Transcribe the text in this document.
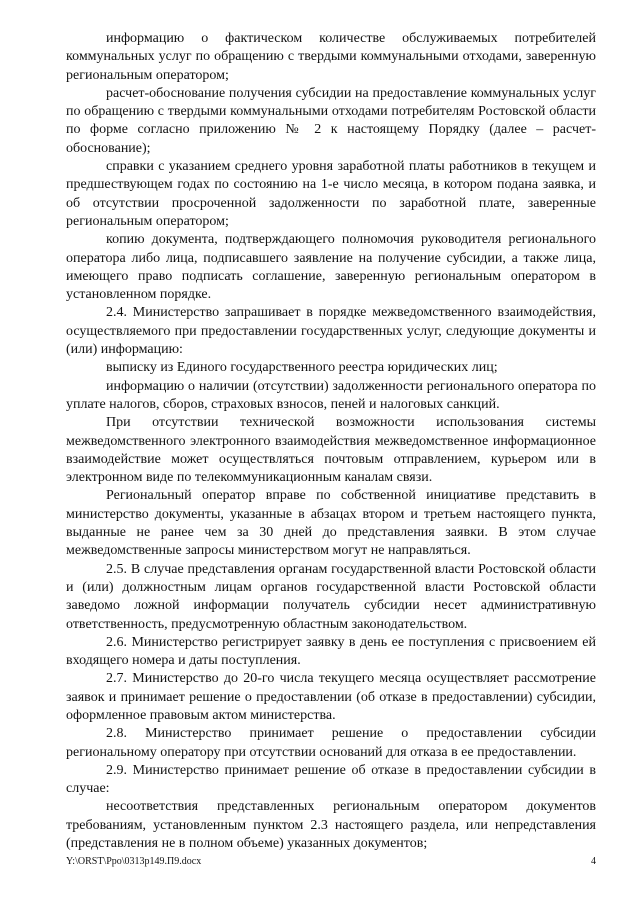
информацию о фактическом количестве обслуживаемых потребителей коммунальных услуг по обращению с твердыми коммунальными отходами, заверенную региональным оператором;

расчет-обоснование получения субсидии на предоставление коммунальных услуг по обращению с твердыми коммунальными отходами потребителям Ростовской области по форме согласно приложению № 2 к настоящему Порядку (далее – расчет-обоснование);

справки с указанием среднего уровня заработной платы работников в текущем и предшествующем годах по состоянию на 1-е число месяца, в котором подана заявка, и об отсутствии просроченной задолженности по заработной плате, заверенные региональным оператором;

копию документа, подтверждающего полномочия руководителя регионального оператора либо лица, подписавшего заявление на получение субсидии, а также лица, имеющего право подписать соглашение, заверенную региональным оператором в установленном порядке.

2.4. Министерство запрашивает в порядке межведомственного взаимодействия, осуществляемого при предоставлении государственных услуг, следующие документы и (или) информацию:

выписку из Единого государственного реестра юридических лиц;

информацию о наличии (отсутствии) задолженности регионального оператора по уплате налогов, сборов, страховых взносов, пеней и налоговых санкций.

При отсутствии технической возможности использования системы межведомственного электронного взаимодействия межведомственное информационное взаимодействие может осуществляться почтовым отправлением, курьером или в электронном виде по телекоммуникационным каналам связи.

Региональный оператор вправе по собственной инициативе представить в министерство документы, указанные в абзацах втором и третьем настоящего пункта, выданные не ранее чем за 30 дней до представления заявки. В этом случае межведомственные запросы министерством могут не направляться.

2.5. В случае представления органам государственной власти Ростовской области и (или) должностным лицам органов государственной власти Ростовской области заведомо ложной информации получатель субсидии несет административную ответственность, предусмотренную областным законодательством.

2.6. Министерство регистрирует заявку в день ее поступления с присвоением ей входящего номера и даты поступления.

2.7. Министерство до 20-го числа текущего месяца осуществляет рассмотрение заявок и принимает решение о предоставлении (об отказе в предоставлении) субсидии, оформленное правовым актом министерства.

2.8. Министерство принимает решение о предоставлении субсидии региональному оператору при отсутствии оснований для отказа в ее предоставлении.

2.9. Министерство принимает решение об отказе в предоставлении субсидии в случае:

несоответствия представленных региональным оператором документов требованиям, установленным пунктом 2.3 настоящего раздела, или непредставления (представления не в полном объеме) указанных документов;

Y:\ORST\Ppo\0313p149.П9.docx	4
